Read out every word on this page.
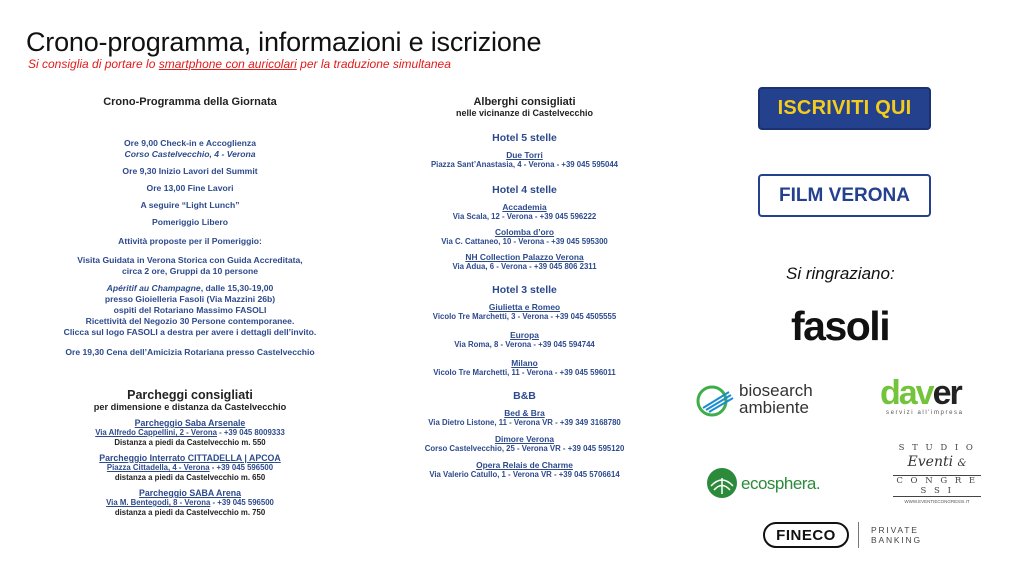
Crono-programma, informazioni e iscrizione
Si consiglia di portare lo smartphone con auricolari per la traduzione simultanea
Crono-Programma della Giornata
Ore 9,00 Check-in e Accoglienza
Corso Castelvecchio, 4 - Verona
Ore 9,30 Inizio Lavori del Summit
Ore 13,00 Fine Lavori
A seguire “Light Lunch”
Pomeriggio Libero
Attività proposte per il Pomeriggio:
Visita Guidata in Verona Storica con Guida Accreditata,
circa 2 ore, Gruppi da 10 persone
Apéritif au Champagne, dalle 15,30-19,00
presso Gioielleria Fasoli (Via Mazzini 26b)
ospiti del Rotariano Massimo FASOLI
Ricettività del Negozio 30 Persone contemporanee.
Clicca sul logo FASOLI a destra per avere i dettagli dell’invito.
Ore 19,30 Cena dell’Amicizia Rotariana presso Castelvecchio
Parcheggi consigliati
per dimensione e distanza da Castelvecchio
Parcheggio Saba Arsenale
Via Alfredo Cappellini, 2 - Verona - +39 045 8009333
Distanza a piedi da Castelvecchio m. 550
Parcheggio Interrato CITTADELLA | APCOA
Piazza Cittadella, 4 - Verona - +39 045 596500
distanza a piedi da Castelvecchio m. 650
Parcheggio SABA Arena
Via M. Bentegodi, 8 - Verona - +39 045 596500
distanza a piedi da Castelvecchio m. 750
Alberghi consigliati
nelle vicinanze di Castelvecchio
Hotel 5 stelle
Due Torri
Piazza Sant’Anastasia, 4 - Verona - +39 045 595044
Hotel 4 stelle
Accademia
Via Scala, 12 - Verona - +39 045 596222
Colomba d’oro
Via C. Cattaneo, 10 - Verona - +39 045 595300
NH Collection Palazzo Verona
Via Adua, 6 - Verona - +39 045 806 2311
Hotel 3 stelle
Giulietta e Romeo
Vicolo Tre Marchetti, 3 - Verona - +39 045 4505555
Europa
Via Roma, 8 - Verona - +39 045 594744
Milano
Vicolo Tre Marchetti, 11 - Verona - +39 045 596011
B&B
Bed & Bra
Via Dietro Listone, 11 - Verona VR - +39 349 3168780
Dimore Verona
Corso Castelvecchio, 25 - Verona VR - +39 045 595120
Opera Relais de Charme
Via Valerio Catullo, 1 - Verona VR - +39 045 5706614
ISCRIVITI QUI
FILM VERONA
Si ringraziano:
fasoli
biosearch
ambiente daver
servizi all'impresa
ecosphera.
S T U D I O
Eventi &
C O N G R E S S I
WWW.EVENTIECONGRESSI.IT
FINECO	PRIVATE
BANKING
